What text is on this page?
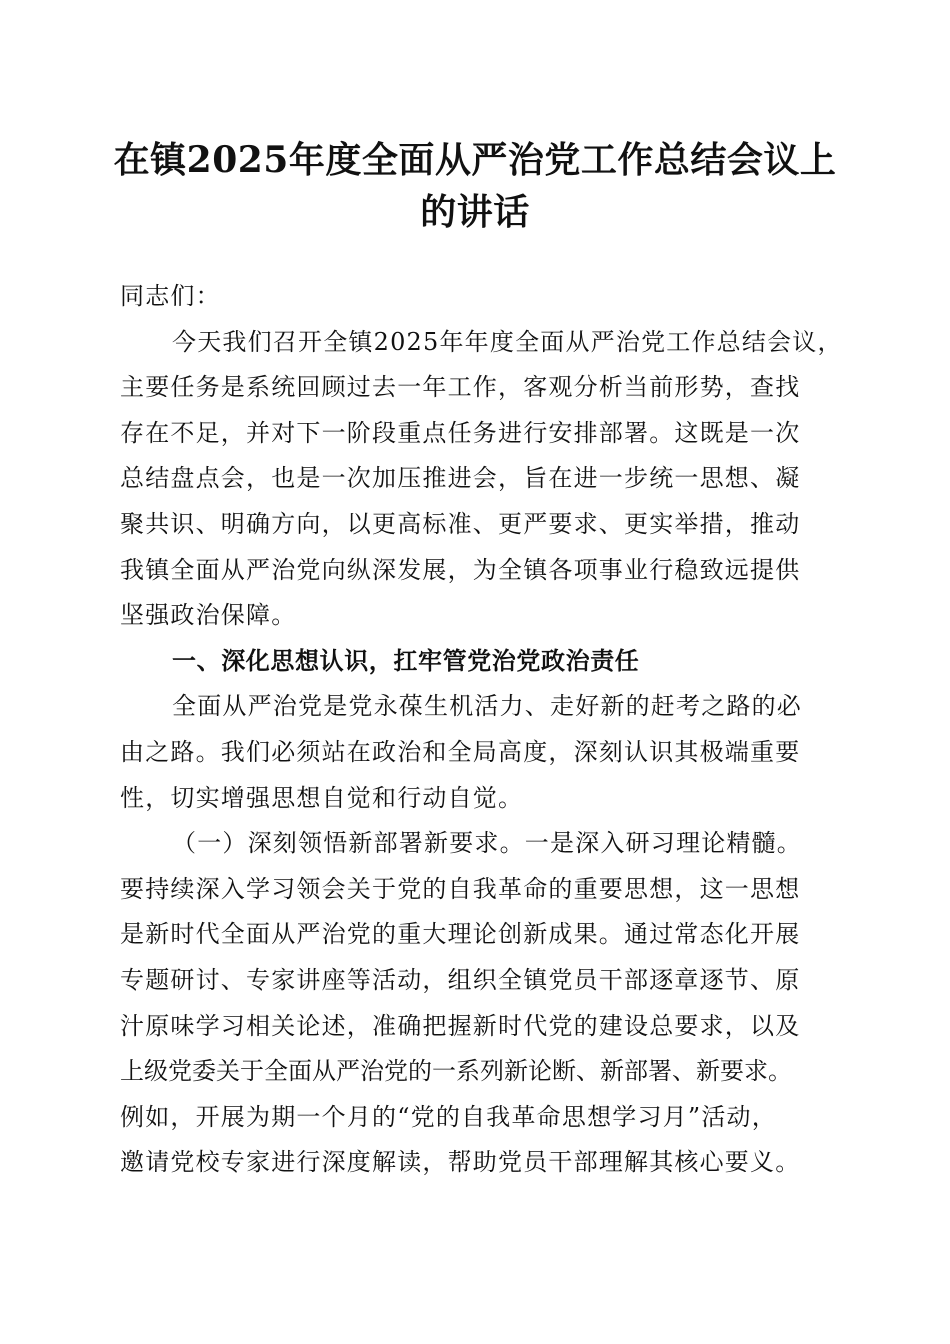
在镇2025年度全面从严治党工作总结会议上
的讲话
同志们：
今天我们召开全镇2025年年度全面从严治党工作总结会议，
主要任务是系统回顾过去一年工作，客观分析当前形势，查找
存在不足，并对下一阶段重点任务进行安排部署。这既是一次
总结盘点会，也是一次加压推进会，旨在进一步统一思想、凝
聚共识、明确方向，以更高标准、更严要求、更实举措，推动
我镇全面从严治党向纵深发展，为全镇各项事业行稳致远提供
坚强政治保障。
一、深化思想认识，扛牢管党治党政治责任
全面从严治党是党永葆生机活力、走好新的赶考之路的必
由之路。我们必须站在政治和全局高度，深刻认识其极端重要
性，切实增强思想自觉和行动自觉。
（一）深刻领悟新部署新要求。一是深入研习理论精髓。
要持续深入学习领会关于党的自我革命的重要思想，这一思想
是新时代全面从严治党的重大理论创新成果。通过常态化开展
专题研讨、专家讲座等活动，组织全镇党员干部逐章逐节、原
汁原味学习相关论述，准确把握新时代党的建设总要求，以及
上级党委关于全面从严治党的一系列新论断、新部署、新要求。
例如，开展为期一个月的“党的自我革命思想学习月”活动，
邀请党校专家进行深度解读，帮助党员干部理解其核心要义。
